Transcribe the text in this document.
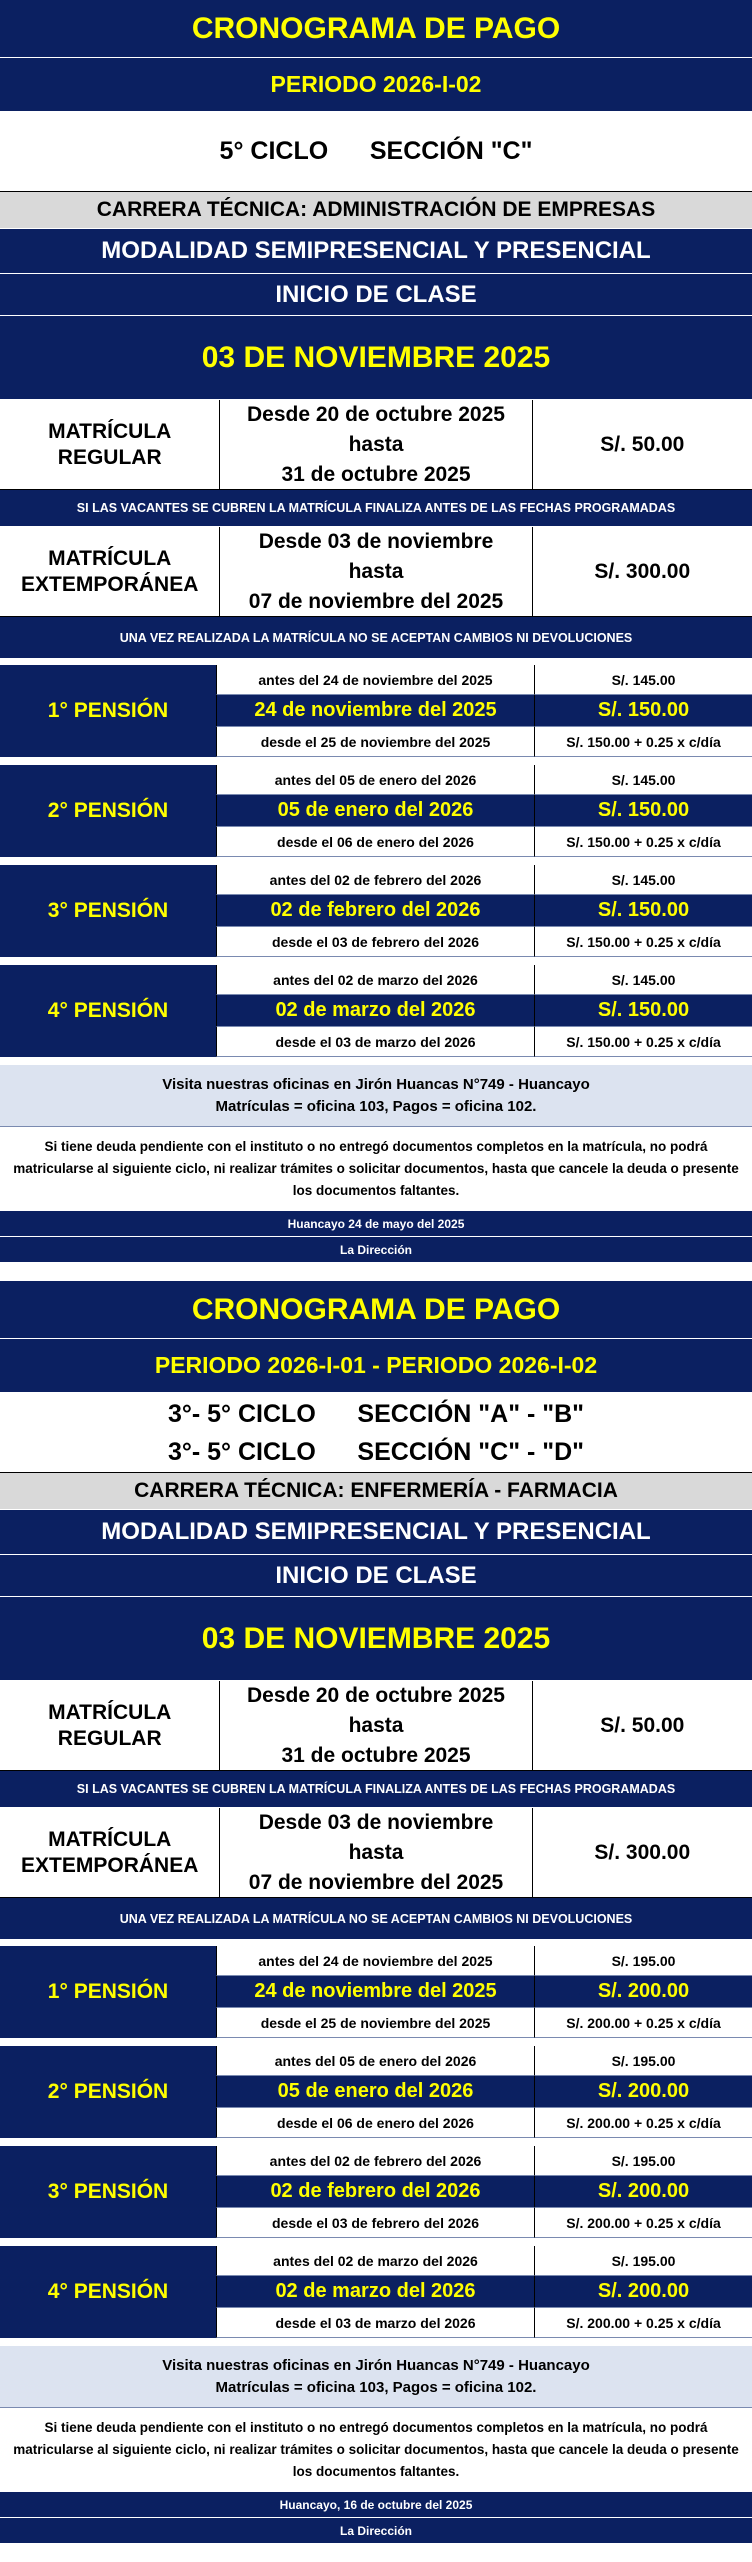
CRONOGRAMA DE PAGO
PERIODO 2026-I-02
5° CICLO      SECCIÓN "C"
CARRERA TÉCNICA: ADMINISTRACIÓN DE EMPRESAS
MODALIDAD SEMIPRESENCIAL Y PRESENCIAL
INICIO DE CLASE
03 DE NOVIEMBRE 2025
MATRÍCULA REGULAR
Desde 20 de octubre 2025
hasta
31 de octubre 2025
S/. 50.00
SI LAS VACANTES SE CUBREN LA MATRÍCULA FINALIZA ANTES DE LAS FECHAS PROGRAMADAS
MATRÍCULA EXTEMPORÁNEA
Desde 03 de noviembre
hasta
07 de noviembre del 2025
S/. 300.00
UNA VEZ REALIZADA LA MATRÍCULA NO SE ACEPTAN CAMBIOS NI DEVOLUCIONES
1° PENSIÓN
antes del 24 de noviembre del 2025	S/. 145.00
24 de noviembre del 2025	S/. 150.00
desde el 25 de noviembre del 2025	S/. 150.00 + 0.25 x c/día
2° PENSIÓN
antes del 05 de enero del 2026	S/. 145.00
05 de enero del 2026	S/. 150.00
desde el 06 de enero del 2026	S/. 150.00 + 0.25 x c/día
3° PENSIÓN
antes del 02 de febrero del 2026	S/. 145.00
02 de febrero del 2026	S/. 150.00
desde el 03 de febrero del 2026	S/. 150.00 + 0.25 x c/día
4° PENSIÓN
antes del 02 de marzo del 2026	S/. 145.00
02 de marzo del 2026	S/. 150.00
desde el 03 de marzo del 2026	S/. 150.00 + 0.25 x c/día
Visita nuestras oficinas en Jirón Huancas N°749 - Huancayo
Matrículas = oficina 103, Pagos = oficina 102.
Si tiene deuda pendiente con el instituto o no entregó documentos completos en la matrícula, no podrá matricularse al siguiente ciclo, ni realizar trámites o solicitar documentos, hasta que cancele la deuda o presente los documentos faltantes.
Huancayo 24 de mayo del 2025
La Dirección
CRONOGRAMA DE PAGO
PERIODO 2026-I-01 - PERIODO 2026-I-02
3°- 5° CICLO      SECCIÓN "A" - "B"
3°- 5° CICLO      SECCIÓN "C" - "D"
CARRERA TÉCNICA: ENFERMERÍA - FARMACIA
MODALIDAD SEMIPRESENCIAL Y PRESENCIAL
INICIO DE CLASE
03 DE NOVIEMBRE 2025
MATRÍCULA REGULAR
Desde 20 de octubre 2025
hasta
31 de octubre 2025
S/. 50.00
SI LAS VACANTES SE CUBREN LA MATRÍCULA FINALIZA ANTES DE LAS FECHAS PROGRAMADAS
MATRÍCULA EXTEMPORÁNEA
Desde 03 de noviembre
hasta
07 de noviembre del 2025
S/. 300.00
UNA VEZ REALIZADA LA MATRÍCULA NO SE ACEPTAN CAMBIOS NI DEVOLUCIONES
1° PENSIÓN
antes del 24 de noviembre del 2025	S/. 195.00
24 de noviembre del 2025	S/. 200.00
desde el 25 de noviembre del 2025	S/. 200.00 + 0.25 x c/día
2° PENSIÓN
antes del 05 de enero del 2026	S/. 195.00
05 de enero del 2026	S/. 200.00
desde el 06 de enero del 2026	S/. 200.00 + 0.25 x c/día
3° PENSIÓN
antes del 02 de febrero del 2026	S/. 195.00
02 de febrero del 2026	S/. 200.00
desde el 03 de febrero del 2026	S/. 200.00 + 0.25 x c/día
4° PENSIÓN
antes del 02 de marzo del 2026	S/. 195.00
02 de marzo del 2026	S/. 200.00
desde el 03 de marzo del 2026	S/. 200.00 + 0.25 x c/día
Visita nuestras oficinas en Jirón Huancas N°749 - Huancayo
Matrículas = oficina 103, Pagos = oficina 102.
Si tiene deuda pendiente con el instituto o no entregó documentos completos en la matrícula, no podrá matricularse al siguiente ciclo, ni realizar trámites o solicitar documentos, hasta que cancele la deuda o presente los documentos faltantes.
Huancayo, 16 de octubre del 2025
La Dirección
